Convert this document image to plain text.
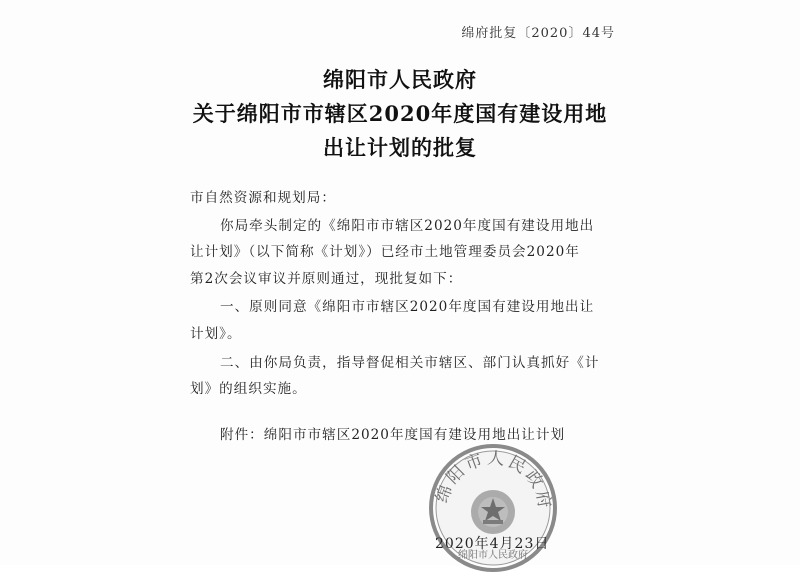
绵府批复〔2020〕44号
绵阳市人民政府
关于绵阳市市辖区2020年度国有建设用地
出让计划的批复
市自然资源和规划局：
你局牵头制定的《绵阳市市辖区2020年度国有建设用地出
让计划》（以下简称《计划》）已经市土地管理委员会2020年
第2次会议审议并原则通过，现批复如下：
一、原则同意《绵阳市市辖区2020年度国有建设用地出让
计划》。
二、由你局负责，指导督促相关市辖区、部门认真抓好《计
划》的组织实施。
附件：绵阳市市辖区2020年度国有建设用地出让计划
绵阳市人民政府
绵阳市人民政府
2020年4月23日
